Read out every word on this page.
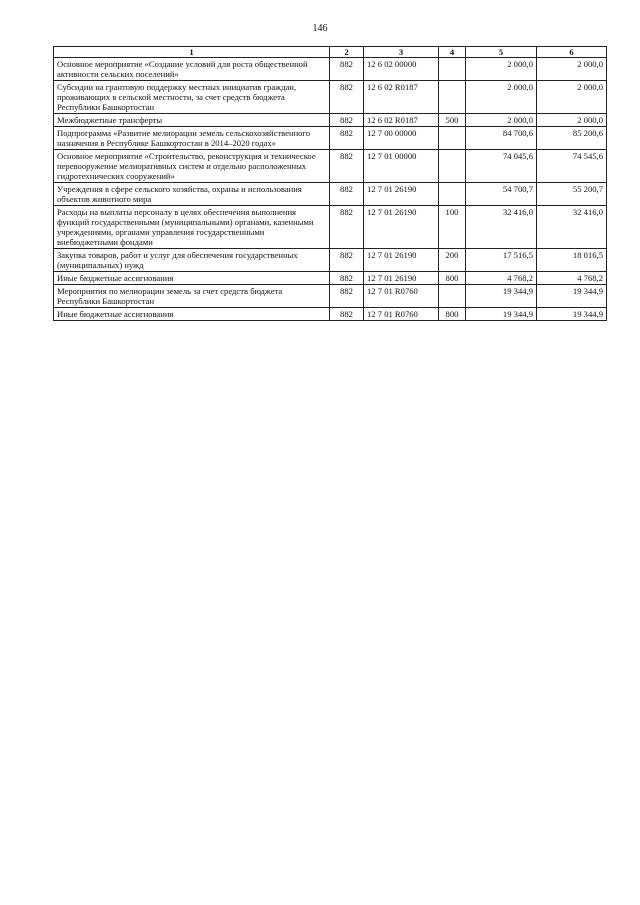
146
1	2	3	4	5	6
Основное мероприятие «Создание условий для роста общественной активности сельских поселений»	882	12 6 02 00000		2 000,0	2 000,0
Субсидии на грантовую поддержку местных инициатив граждан, проживающих в сельской местности, за счет средств бюджета Республики Башкортостан	882	12 6 02 R0187		2 000,0	2 000,0
Межбюджетные трансферты	882	12 6 02 R0187	500	2 000,0	2 000,0
Подпрограмма «Развитие мелиорации земель сельскохозяйственного назначения в Республике Башкортостан в 2014–2020 годах»	882	12 7 00 00000		84 700,6	85 200,6
Основное мероприятие «Строительство, реконструкция и техническое перевооружение мелиоративных систем и отдельно расположенных гидротехнических сооружений»	882	12 7 01 00000		74 045,6	74 545,6
Учреждения в сфере сельского хозяйства, охраны и использования объектов животного мира	882	12 7 01 26190		54 700,7	55 200,7
Расходы на выплаты персоналу в целях обеспечения выполнения функций государственными (муниципальными) органами, казенными учреждениями, органами управления государственными внебюджетными фондами	882	12 7 01 26190	100	32 416,0	32 416,0
Закупка товаров, работ и услуг для обеспечения государственных (муниципальных) нужд	882	12 7 01 26190	200	17 516,5	18 016,5
Иные бюджетные ассигнования	882	12 7 01 26190	800	4 768,2	4 768,2
Мероприятия по мелиорации земель за счет средств бюджета Республики Башкортостан	882	12 7 01 R0760		19 344,9	19 344,9
Иные бюджетные ассигнования	882	12 7 01 R0760	800	19 344,9	19 344,9
